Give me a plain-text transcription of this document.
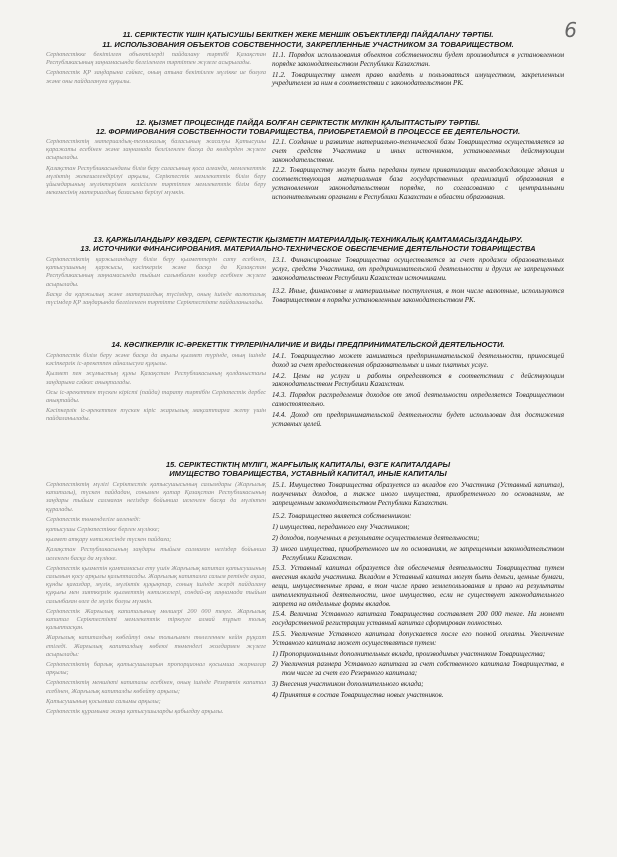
6
11. СЕРІКТЕСТІК ҮШІН ҚАТЫСУШЫ БЕКІТКЕН ЖЕКЕ МЕНШІК ОБЪЕКТІЛЕРДІ ПАЙДАЛАНУ ТӘРТІБІ.
11. ИСПОЛЬЗОВАНИЯ ОБЪЕКТОВ СОБСТВЕННОСТИ, ЗАКРЕПЛЕННЫЕ УЧАСТНИКОМ ЗА ТОВАРИЩЕСТВОМ.

Серіктестікке бекітілген объектілерді пайдалану тәртібі Қазақстан Республикасының заңнамасында белгіленген тәртіппен жүзеге асырылады.

Серіктестік ҚР заңдарына сәйкес, оның атына бекітілген мүлікке ие болуға және оны пайдалануға құқылы.

11.1. Порядок использования объектов собственности будет производится в установленном порядке законодательством Республики Казахстан.

11.2. Товариществу имеет право владеть и пользоваться имуществом, закрепленным учредителем за ним в соответствии с законодательством РК.

12. ҚЫЗМЕТ ПРОЦЕСІНДЕ ПАЙДА БОЛҒАН СЕРІКТЕСТІК МҮЛКІН ҚАЛЫПТАСТЫРУ ТӘРТІБІ.
12. ФОРМИРОВАНИЯ СОБСТВЕННОСТИ ТОВАРИЩЕСТВА, ПРИОБРЕТАЕМОЙ В ПРОЦЕССЕ ЕЕ ДЕЯТЕЛЬНОСТИ.

Серіктестіктің материалдық-техникалық базасының жасалуы Қатысушы қаражаты есебінен және заңнамада белгіленген басқа да көздерден жүзеге асырылады.

Қазақстан Республикасындағы білім беру саласының қоса алғанда, мемлекеттік мүліктің жекешелендірілуі арқылы, Серіктестік мемлекеттік білім беру ұйымдарының мүліктерімен келісілген тәртіппен мемлекеттік білім беру мекемесінің материалдық базасына берілуі мүмкін.

12.1. Создание и развитие материально-технической базы Товарищества осуществляется за счет средств Участника и иных источников, установленных действующим законодательством.

12.2. Товариществу могут быть переданы путем приватизации высвобождающие здания и соответствующая материальная база государственных организаций образования в установленном законодательством порядке, по согласованию с центральными исполнительными органами в Республики Казахстан в области образования.

13. ҚАРЖЫЛАНДЫРУ КӨЗДЕРІ, СЕРІКТЕСТІК ҚЫЗМЕТІН МАТЕРИАЛДЫҚ-ТЕХНИКАЛЫҚ ҚАМТАМАСЫЗДАНДЫРУ.
13. ИСТОЧНИКИ ФИНАНСИРОВАНИЯ. МАТЕРИАЛЬНО-ТЕХНИЧЕСКОЕ ОБЕСПЕЧЕНИЕ ДЕЯТЕЛЬНОСТИ ТОВАРИЩЕСТВА

Серіктестіктің қаржыландыру білім беру қызметтерін сату есебінен, қатысушының қаржысы, кәсіпкерлік және басқа да Қазақстан Республикасының заңнамасында тыйым салынбаған көздер есебінен жүзеге асырылады.

Басқа да қаржылық және материалдық түсімдер, оның ішінде валюталық түсімдер ҚР заңдарында белгіленген тәртіпте Серіктестікте пайдаланылады.

13.1. Финансирование Товарищества осуществляется за счет продажи образовательных услуг, средств Участника, от предпринимательской деятельности и других не запрещенных законодательством Республики Казахстан источниками.

13.2. Иные, финансовые и материальные поступления, в том числе валютные, используются Товариществом в порядке установленным законодательством РК.

14. КӘСІПКЕРЛІК ІС-ӘРЕКЕТТІК ТҮРЛЕРІ/НАЛИЧИЕ И ВИДЫ ПРЕДПРИНИМАТЕЛЬСКОЙ ДЕЯТЕЛЬНОСТИ.

Серіктестік білім беру және басқа да ақылы қызмет түрінде, оның ішінде кәсіпкерлік іс-әрекетпен айналысуға құқылы.

Қызмет пен жұмыстың құны Қазақстан Республикасының қолданыстағы заңдарына сәйкес анықталады.

Осы іс-әрекеттен түскен кірісті (пайда) тарату тәртібін Серіктестік дербес анықтайды.

Кәсіпкерлік іс-әрекеттен түскен кіріс жарғылық мақсаттарға жету үшін пайдаланылады.

14.1. Товарищество может заниматься предпринимательской деятельности, приносящей доход за счет предоставления образовательных и иных платных услуг.

14.2. Цены на услуги и работы определяются в соответствии с действующим законодательством Республики Казахстан.

14.3. Порядок распределения доходов от этой деятельности определяется Товариществом самостоятельно.

14.4. Доход от предпринимательской деятельности будет использован для достижения уставных целей.

15. СЕРІКТЕСТІКТІҢ МҮЛІГІ, ЖАРҒЫЛЫҚ КАПИТАЛЫ, ӨЗГЕ КАПИТАЛДАРЫ
ИМУЩЕСТВО ТОВАРИЩЕСТВА, УСТАВНЫЙ КАПИТАЛ, ИНЫЕ КАПИТАЛЫ

Серіктестіктің мүлігі Серіктестік қатысушысының салымдары (Жарғылық капиталы), түскен пайдадан, сонымен қатар Қазақстан Республикасының заңдары тыйым салмаған негіздер бойынша иеленген басқа да мүліктен құралады.

Серіктестік төмендегіге иеленеді:

қатысушы Серіктестікке берген мүлікке;

қызмет атқару нәтижесінде түскен пайдаға;

Қазақстан Республикасының заңдары тыйым салмаған негіздер бойынша иеленген басқа да мүлікке.

Серіктестік қызметін қамтамасыз ету үшін Жарғылық капитал қатысушының салымын қосу арқылы қалыптасады. Жарғылық капиталға салым ретінде ақша, құнды қағаздар, мүлік, мүліктік құқықтар, соның ішінде жерді пайдалану құқығы мен зияткерлік қызметтің нәтижелері, сондай-ақ заңнамада тыйым салынбаған өзге де мүлік болуы мүмкін.

Серіктестік Жарғылық капиталының мөлшері 200 000 теңге. Жарғылық капитал Серіктестікті мемлекеттік тіркеуге алмай тұрып толық қалыптасқан.

Жарғылық капиталдың көбейтуі оны толығымен төлегеннен кейін рұқсат етіледі. Жарғылық капиталдың көбеюі төмендегі жолдармен жүзеге асырылады:

Серіктестіктің барлық қатысушыларын пропорционал қосымша жарналар арқылы;

Серіктестіктің меншікті капиталы есебінен, оның ішінде Резервтік капитал есебінен, Жарғылық капиталды көбейту арқылы;

Қатысушының қосымша салымы арқылы;

Серіктестік құрамына жаңа қатысушыларды қабылдау арқылы.

15.1. Имущество Товарищества образуется из вкладов его Участника (Уставный капитал), полученных доходов, а также иного имущества, приобретенного по основаниям, не запрещенным законодательством Республики Казахстан.

15.2. Товарищество является собственником:

1) имущества, переданного ему Участником;

2) доходов, полученных в результате осуществления деятельности;

3) иного имущества, приобретенного им по основаниям, не запрещенным законодательством Республики Казахстан.

15.3. Уставный капитал образуется для обеспечения деятельности Товарищества путем внесения вклада участника. Вкладом в Уставный капитал могут быть деньги, ценные бумаги, вещи, имущественные права, в том числе право землепользования и право на результаты интеллектуальной деятельности, иное имущество, если не существует законодательного запрета на отдельные формы вкладов.

15.4. Величина Уставного капитала Товарищества составляет 200 000 тенге. На момент государственной регистрации уставный капитал сформирован полностью.

15.5. Увеличение Уставного капитала допускается после его полной оплаты. Увеличение Уставного капитала может осуществляться путем:

1) Пропорциональных дополнительных вклада, производимых участником Товарищества;

2) Увеличения размера Уставного капитала за счет собственного капитала Товарищества, в том числе за счет его Резервного капитала;

3) Внесения участником дополнительного вклада;

4) Принятия в состав Товарищества новых участников.
